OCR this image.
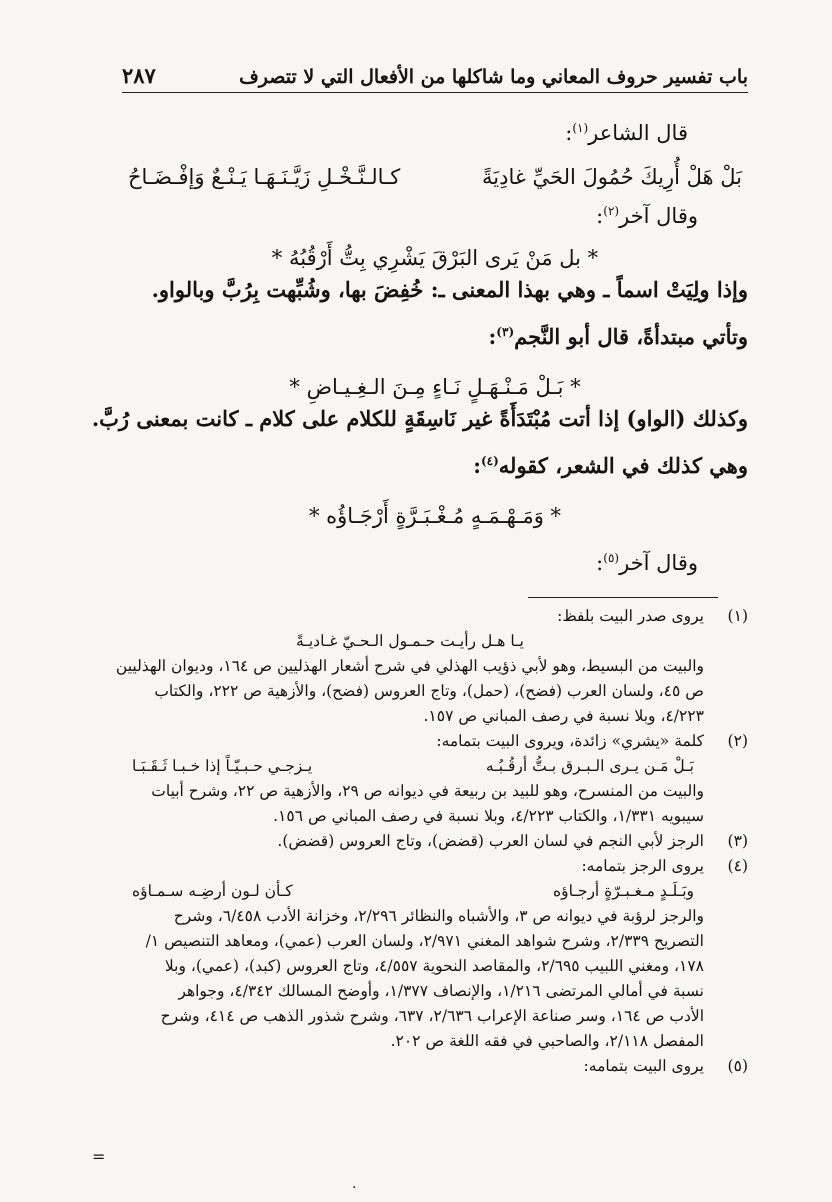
باب تفسير حروف المعاني وما شاكلها من الأفعال التي لا تتصرف
٢٨٧

قال الشاعر$^{(١)}$:

بَلْ هَلْ أُرِيكَ حُمُولَ الحَيِّ غادِيَةً
كـالـنَّـخْـلِ زَيَّـنَـهَـا يَـنْـعٌ وَإفْـضَـاحُ

وقال آخر$^{(٢)}$:

* بل مَنْ يَرى البَرْقَ يَشْرِي بِتُّ أَرْقُبُهُ *

وإذا ولِيَتْ اسماً ـ وهي بهذا المعنى ـ: خُفِضَ بها، وشُبِّهت بِرُبَّ وبالواو.

وتأتي مبتدأةً، قال أبو النَّجم$^{(٣)}$:

* بَـلْ مَـنْـهَـلٍ نَـاءٍ مِـنَ الـغِـيـاضِ *

وكذلك (الواو) إذا أتت مُبْتَدَأَةً غير نَاسِقَةٍ للكلام على كلام ـ كانت بمعنى رُبَّ.

وهي كذلك في الشعر، كقوله$^{(٤)}$:

* وَمَـهْـمَـهٍ مُـغْـبَـرَّةٍ أَرْجَـاؤُه *

وقال آخر$^{(٥)}$:

(١)

يروى صدر البيت بلفظ:

يـا هـل رأيـت حـمـول الـحـيّ غـاديـةً

والبيت من البسيط، وهو لأبي ذؤيب الهذلي في شرح أشعار الهذليين ص ١٦٤، وديوان الهذليين

ص ٤٥، ولسان العرب (فضح)، (حمل)، وتاج العروس (فضح)، والأزهية ص ٢٢٢، والكتاب

٤/٢٢٣، وبلا نسبة في رصف المباني ص ١٥٧.

(٢)

كلمة «يشري» زائدة، ويروى البيت بتمامه:

بَـلْ مَـن يـرى الـبـرق بـتُّ أرقُـبُـه
يـزجـي حـبـيّـاً إذا خـبـا ثَـقَـبَـا

والبيت من المنسرح، وهو للبيد بن ربيعة في ديوانه ص ٢٩، والأزهية ص ٢٢، وشرح أبيات

سيبويه ١/٣٣١، والكتاب ٤/٢٢٣، وبلا نسبة في رصف المباني ص ١٥٦.

(٣)

الرجز لأبي النجم في لسان العرب (قضض)، وتاج العروس (قضض).

(٤)

يروى الرجز بتمامه:

وبَـلَـدٍ مـغـبـرّةٍ أرجـاؤه
كـأن لـون أرضِـه سـمـاؤه

والرجز لرؤبة في ديوانه ص ٣، والأشباه والنظائر ٢/٢٩٦، وخزانة الأدب ٦/٤٥٨، وشرح

التصريح ٢/٣٣٩، وشرح شواهد المغني ٢/٩٧١، ولسان العرب (عمي)، ومعاهد التنصيص ١/

١٧٨، ومغني اللبيب ٢/٦٩٥، والمقاصد النحوية ٤/٥٥٧، وتاج العروس (كبد)، (عمي)، وبلا

نسبة في أمالي المرتضى ١/٢١٦، والإنصاف ١/٣٧٧، وأوضح المسالك ٤/٣٤٢، وجواهر

الأدب ص ١٦٤، وسر صناعة الإعراب ٢/٦٣٦، ٦٣٧، وشرح شذور الذهب ص ٤١٤، وشرح

المفصل ٢/١١٨، والصاحبي في فقه اللغة ص ٢٠٢.

(٥)

يروى البيت بتمامه:

=
·
